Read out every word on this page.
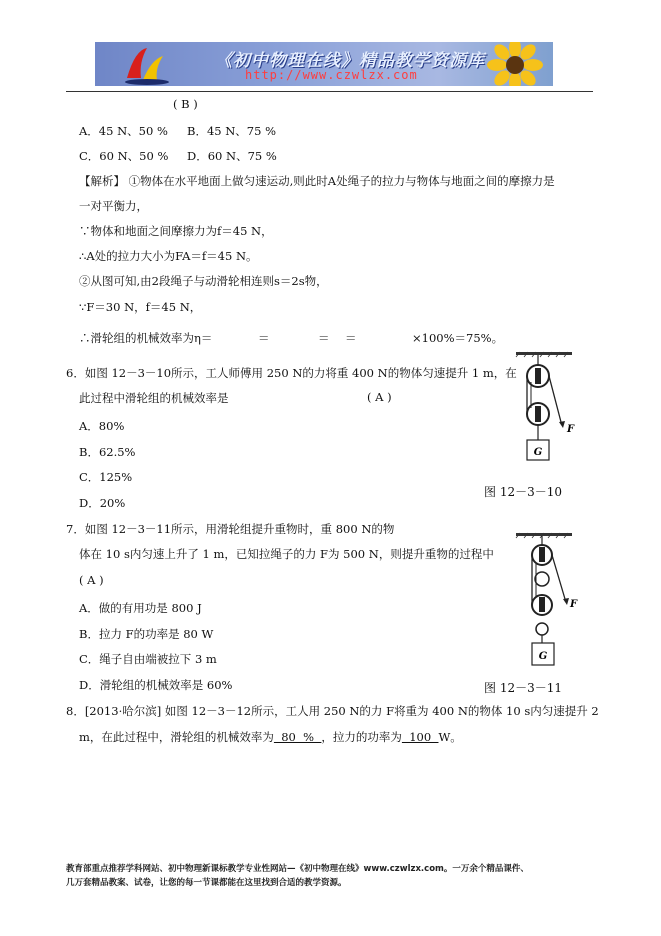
《初中物理在线》精品教学资源库
http://www.czwlzx.com
( B )
A．45 N、50 % B．45 N、75 %
C．60 N、50 % D．60 N、75 %
【解析】 ①物体在水平地面上做匀速运动,则此时A处绳子的拉力与物体与地面之间的摩擦力是
一对平衡力，
∵物体和地面之间摩擦力为f＝45 N，
∴A处的拉力大小为FA＝f＝45 N。
②从图可知,由2段绳子与动滑轮相连则s＝2s物，
∵F＝30 N，f＝45 N，
∴滑轮组的机械效率为η＝	＝	＝ ＝	×100%＝75%。
6．如图 12－3－10所示，工人师傅用 250 N的力将重 400 N的物体匀速提升 1 m，在
此过程中滑轮组的机械效率是	( A )
A．80%
B．62.5%
C．125%
D．20%
G
F
图 12－3－10
7．如图 12－3－11所示，用滑轮组提升重物时，重 800 N的物
体在 10 s内匀速上升了 1 m，已知拉绳子的力 F为 500 N，则提升重物的过程中
( A )
A．做的有用功是 800 J
B．拉力 F的功率是 80 W
C．绳子自由端被拉下 3 m
D．滑轮组的机械效率是 60%
G
F
图 12－3－11
8．[2013·哈尔滨] 如图 12－3－12所示，工人用 250 N的力 F将重为 400 N的物体 10 s内匀速提升 2
m，在此过程中，滑轮组的机械效率为  80  %  ，拉力的功率为  100  W。
教育部重点推荐学科网站、初中物理新课标教学专业性网站—《初中物理在线》www.czwlzx.com。一万余个精品课件、
几万套精品教案、试卷，让您的每一节课都能在这里找到合适的教学资源。
